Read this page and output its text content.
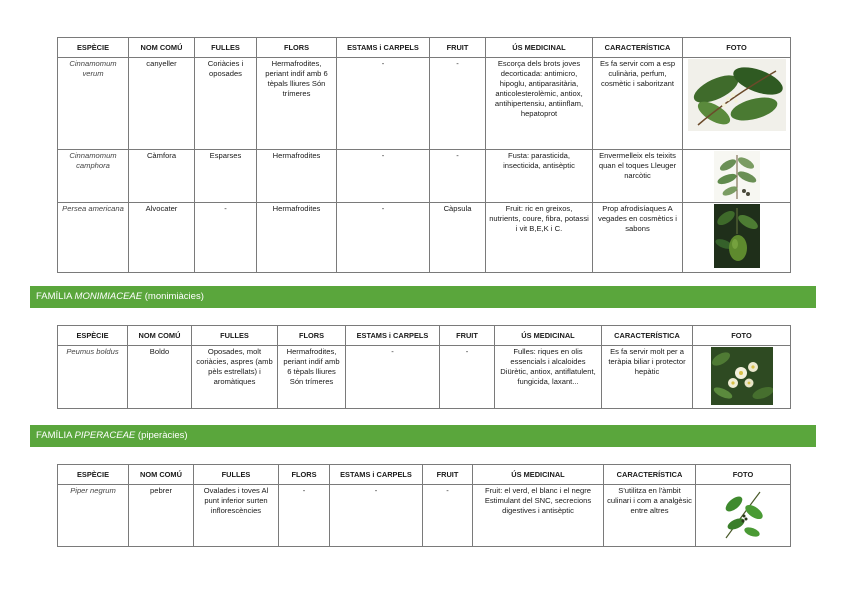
ESPÈCIE	NOM COMÚ	FULLES	FLORS	ESTAMS i CARPELS	FRUIT	ÚS MEDICINAL	CARACTERÍSTICA	FOTO
Cinnamomum verum	canyeller	Coriàcies i oposades	Hermafrodites, periant indif amb 6 tèpals lliures Són trímeres	-	-	Escorça dels brots joves decorticada: antimicro, hipoglu, antiparasitària, anticolesterolèmic, antiox, antihipertensiu, antiinflam, hepatoprot	Es fa servir com a esp culinària, perfum, cosmètic i saboritzant	

Cinnamomum camphora	Càmfora	Esparses	Hermafrodites	-	-	Fusta: parasticida, insecticida, antisèptic	Envermelleix els teixits quan el toques Lleuger narcòtic	

Persea americana	Alvocater	-	Hermafrodites	-	Càpsula	Fruit: ric en greixos, nutrients, coure, fibra, potassi i vit B,E,K i C.	Prop afrodisíaques A vegades en cosmètics i sabons	
FAMÍLIA MONIMIACEAE (monimiàcies)
ESPÈCIE	NOM COMÚ	FULLES	FLORS	ESTAMS i CARPELS	FRUIT	ÚS MEDICINAL	CARACTERÍSTICA	FOTO
Peumus boldus	Boldo	Oposades, molt coriàcies, aspres (amb pèls estrellats) i aromàtiques	Hermafrodites, periant indif amb 6 tèpals lliures Són trímeres	-	-	Fulles: riques en olis essencials i alcaloides Diürètic, antiox, antiflatulent, fungicida, laxant...	Es fa servir molt per a teràpia biliar i protector hepàtic	
FAMÍLIA PIPERACEAE (piperàcies)
ESPÈCIE	NOM COMÚ	FULLES	FLORS	ESTAMS i CARPELS	FRUIT	ÚS MEDICINAL	CARACTERÍSTICA	FOTO
Piper negrum	pebrer	Ovalades i toves Al punt inferior surten inflorescències	-	-	-	Fruit: el verd, el blanc i el negre Estimulant del SNC, secrecions digestives i antisèptic	S'utilitza en l'àmbit culinari i com a analgèsic entre altres	
